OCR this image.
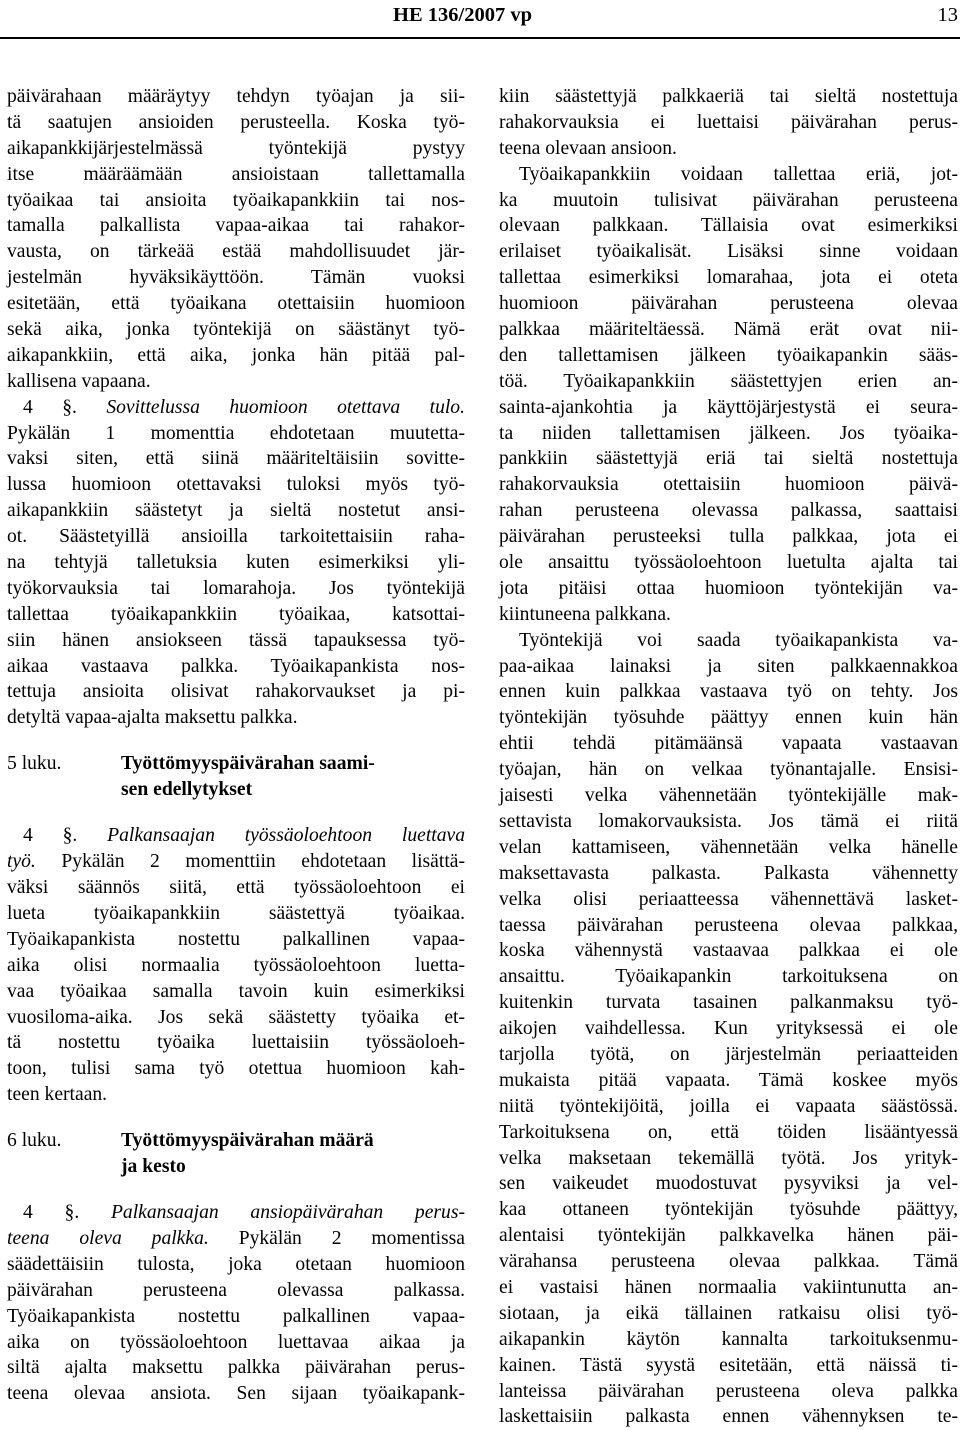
HE 136/2007 vp	13
päivärahaan määräytyy tehdyn työajan ja sii-
tä saatujen ansioiden perusteella. Koska työ-
aikapankkijärjestelmässä työntekijä pystyy
itse määräämään ansioistaan tallettamalla
työaikaa tai ansioita työaikapankkiin tai nos-
tamalla palkallista vapaa-aikaa tai rahakor-
vausta, on tärkeää estää mahdollisuudet jär-
jestelmän hyväksikäyttöön. Tämän vuoksi
esitetään, että työaikana otettaisiin huomioon
sekä aika, jonka työntekijä on säästänyt työ-
aikapankkiin, että aika, jonka hän pitää pal-
kallisena vapaana.
4 §. Sovittelussa huomioon otettava tulo.
Pykälän 1 momenttia ehdotetaan muutetta-
vaksi siten, että siinä määriteltäisiin sovitte-
lussa huomioon otettavaksi tuloksi myös työ-
aikapankkiin säästetyt ja sieltä nostetut ansi-
ot. Säästetyillä ansioilla tarkoitettaisiin raha-
na tehtyjä talletuksia kuten esimerkiksi yli-
työkorvauksia tai lomarahoja. Jos työntekijä
tallettaa työaikapankkiin työaikaa, katsottai-
siin hänen ansiokseen tässä tapauksessa työ-
aikaa vastaava palkka. Työaikapankista nos-
tettuja ansioita olisivat rahakorvaukset ja pi-
detyltä vapaa-ajalta maksettu palkka.
5 luku.	Työttömyyspäivärahan saami-
sen edellytykset
4 §. Palkansaajan työssäoloehtoon luettava
työ. Pykälän 2 momenttiin ehdotetaan lisättä-
väksi säännös siitä, että työssäoloehtoon ei
lueta työaikapankkiin säästettyä työaikaa.
Työaikapankista nostettu palkallinen vapaa-
aika olisi normaalia työssäoloehtoon luetta-
vaa työaikaa samalla tavoin kuin esimerkiksi
vuosiloma-aika. Jos sekä säästetty työaika et-
tä nostettu työaika luettaisiin työssäoloeh-
toon, tulisi sama työ otettua huomioon kah-
teen kertaan.
6 luku.	Työttömyyspäivärahan määrä
ja kesto
4 §. Palkansaajan ansiopäivärahan perus-
teena oleva palkka. Pykälän 2 momentissa
säädettäisiin tulosta, joka otetaan huomioon
päivärahan perusteena olevassa palkassa.
Työaikapankista nostettu palkallinen vapaa-
aika on työssäoloehtoon luettavaa aikaa ja
siltä ajalta maksettu palkka päivärahan perus-
teena olevaa ansiota. Sen sijaan työaikapank-
kiin säästettyjä palkkaeriä tai sieltä nostettuja
rahakorvauksia ei luettaisi päivärahan perus-
teena olevaan ansioon.
Työaikapankkiin voidaan tallettaa eriä, jot-
ka muutoin tulisivat päivärahan perusteena
olevaan palkkaan. Tällaisia ovat esimerkiksi
erilaiset työaikalisät. Lisäksi sinne voidaan
tallettaa esimerkiksi lomarahaa, jota ei oteta
huomioon päivärahan perusteena olevaa
palkkaa määriteltäessä. Nämä erät ovat nii-
den tallettamisen jälkeen työaikapankin sääs-
töä. Työaikapankkiin säästettyjen erien an-
sainta-ajankohtia ja käyttöjärjestystä ei seura-
ta niiden tallettamisen jälkeen. Jos työaika-
pankkiin säästettyjä eriä tai sieltä nostettuja
rahakorvauksia otettaisiin huomioon päivä-
rahan perusteena olevassa palkassa, saattaisi
päivärahan perusteeksi tulla palkkaa, jota ei
ole ansaittu työssäoloehtoon luetulta ajalta tai
jota pitäisi ottaa huomioon työntekijän va-
kiintuneena palkkana.
Työntekijä voi saada työaikapankista va-
paa-aikaa lainaksi ja siten palkkaennakkoa
ennen kuin palkkaa vastaava työ on tehty. Jos
työntekijän työsuhde päättyy ennen kuin hän
ehtii tehdä pitämäänsä vapaata vastaavan
työajan, hän on velkaa työnantajalle. Ensisi-
jaisesti velka vähennetään työntekijälle mak-
settavista lomakorvauksista. Jos tämä ei riitä
velan kattamiseen, vähennetään velka hänelle
maksettavasta palkasta. Palkasta vähennetty
velka olisi periaatteessa vähennettävä lasket-
taessa päivärahan perusteena olevaa palkkaa,
koska vähennystä vastaavaa palkkaa ei ole
ansaittu. Työaikapankin tarkoituksena on
kuitenkin turvata tasainen palkanmaksu työ-
aikojen vaihdellessa. Kun yrityksessä ei ole
tarjolla työtä, on järjestelmän periaatteiden
mukaista pitää vapaata. Tämä koskee myös
niitä työntekijöitä, joilla ei vapaata säästössä.
Tarkoituksena on, että töiden lisääntyessä
velka maksetaan tekemällä työtä. Jos yrityk-
sen vaikeudet muodostuvat pysyviksi ja vel-
kaa ottaneen työntekijän työsuhde päättyy,
alentaisi työntekijän palkkavelka hänen päi-
värahansa perusteena olevaa palkkaa. Tämä
ei vastaisi hänen normaalia vakiintunutta an-
siotaan, ja eikä tällainen ratkaisu olisi työ-
aikapankin käytön kannalta tarkoituksenmu-
kainen. Tästä syystä esitetään, että näissä ti-
lanteissa päivärahan perusteena oleva palkka
laskettaisiin palkasta ennen vähennyksen te-
